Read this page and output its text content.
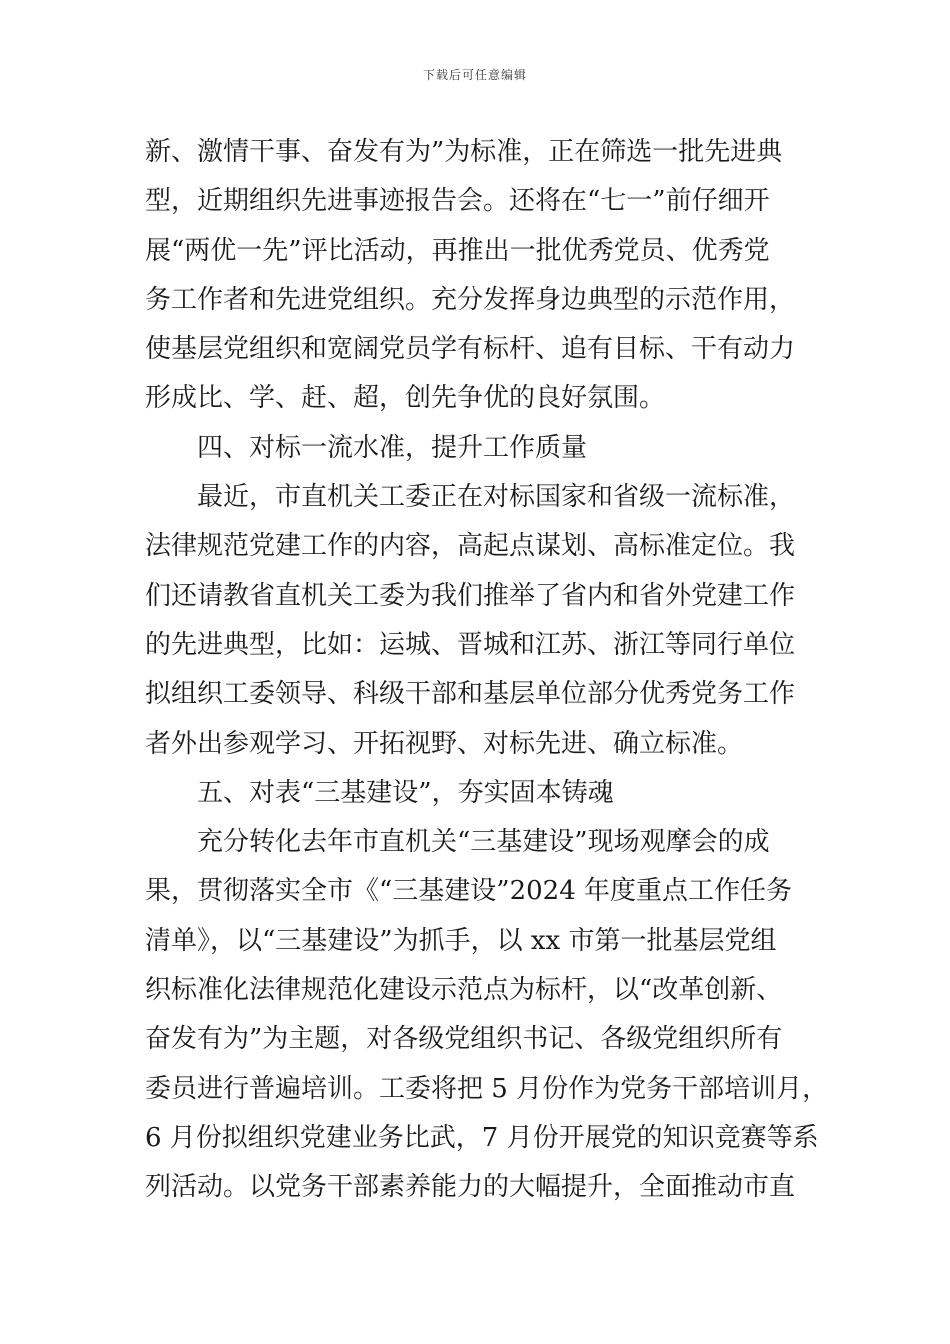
下载后可任意编辑
新、激情干事、奋发有为”为标准，正在筛选一批先进典
型，近期组织先进事迹报告会。还将在“七一”前仔细开
展“两优一先”评比活动，再推出一批优秀党员、优秀党
务工作者和先进党组织。充分发挥身边典型的示范作用，
使基层党组织和宽阔党员学有标杆、追有目标、干有动力
形成比、学、赶、超，创先争优的良好氛围。
四、对标一流水准，提升工作质量
最近，市直机关工委正在对标国家和省级一流标准，
法律规范党建工作的内容，高起点谋划、高标准定位。我
们还请教省直机关工委为我们推举了省内和省外党建工作
的先进典型，比如：运城、晋城和江苏、浙江等同行单位
拟组织工委领导、科级干部和基层单位部分优秀党务工作
者外出参观学习、开拓视野、对标先进、确立标准。
五、对表“三基建设”，夯实固本铸魂
充分转化去年市直机关“三基建设”现场观摩会的成
果，贯彻落实全市《“三基建设”2024 年度重点工作任务
清单》，以“三基建设”为抓手，以 xx 市第一批基层党组
织标准化法律规范化建设示范点为标杆，以“改革创新、
奋发有为”为主题，对各级党组织书记、各级党组织所有
委员进行普遍培训。工委将把 5 月份作为党务干部培训月，
6 月份拟组织党建业务比武，7 月份开展党的知识竞赛等系
列活动。以党务干部素养能力的大幅提升，全面推动市直
